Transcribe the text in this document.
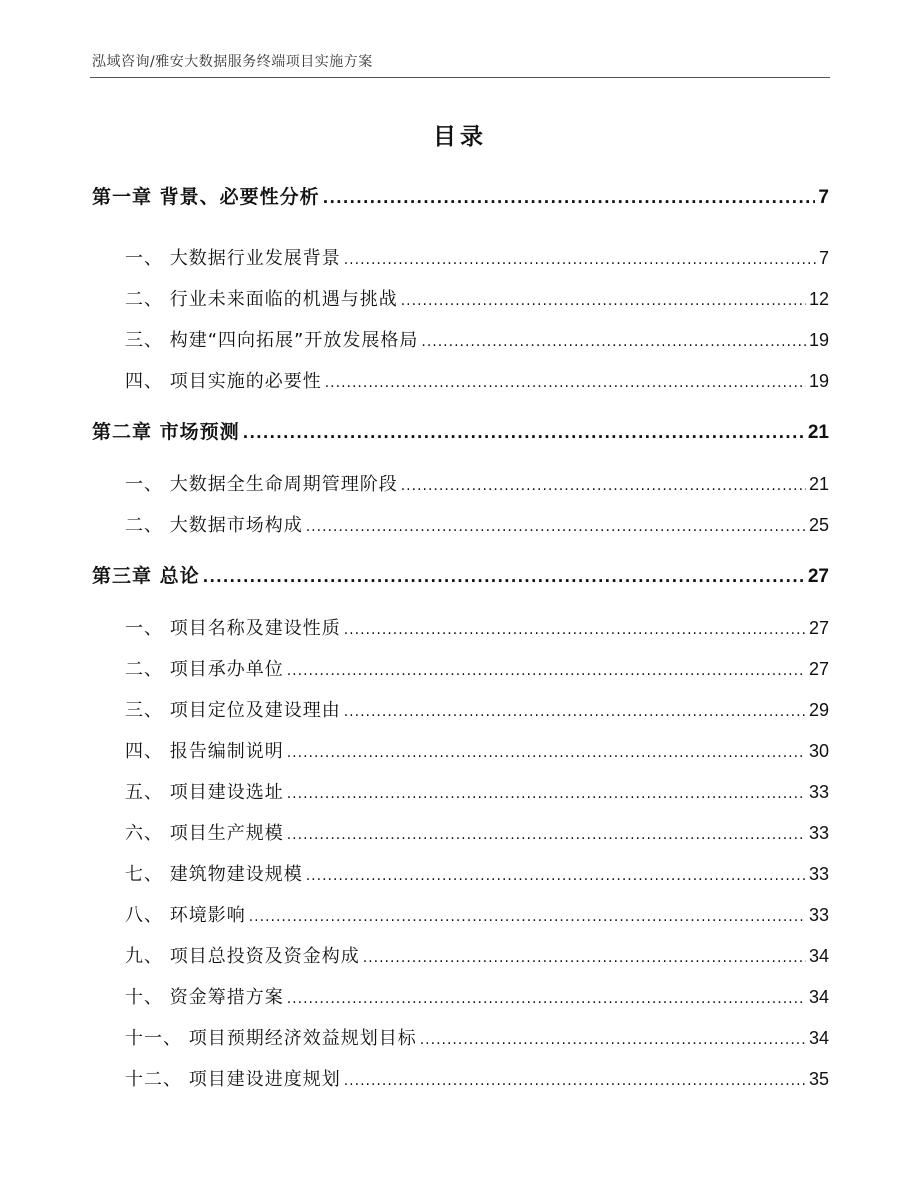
泓域咨询/雅安大数据服务终端项目实施方案
目录
第一章 背景、必要性分析 .....	7
一、 大数据行业发展背景 .....	7
二、 行业未来面临的机遇与挑战 .....	12
三、 构建“四向拓展”开放发展格局 .....	19
四、 项目实施的必要性 .....	19
第二章 市场预测 .....	21
一、 大数据全生命周期管理阶段 .....	21
二、 大数据市场构成 .....	25
第三章 总论 .....	27
一、 项目名称及建设性质 .....	27
二、 项目承办单位 .....	27
三、 项目定位及建设理由 .....	29
四、 报告编制说明 .....	30
五、 项目建设选址 .....	33
六、 项目生产规模 .....	33
七、 建筑物建设规模 .....	33
八、 环境影响 .....	33
九、 项目总投资及资金构成 .....	34
十、 资金筹措方案 .....	34
十一、 项目预期经济效益规划目标 .....	34
十二、 项目建设进度规划 .....	35
